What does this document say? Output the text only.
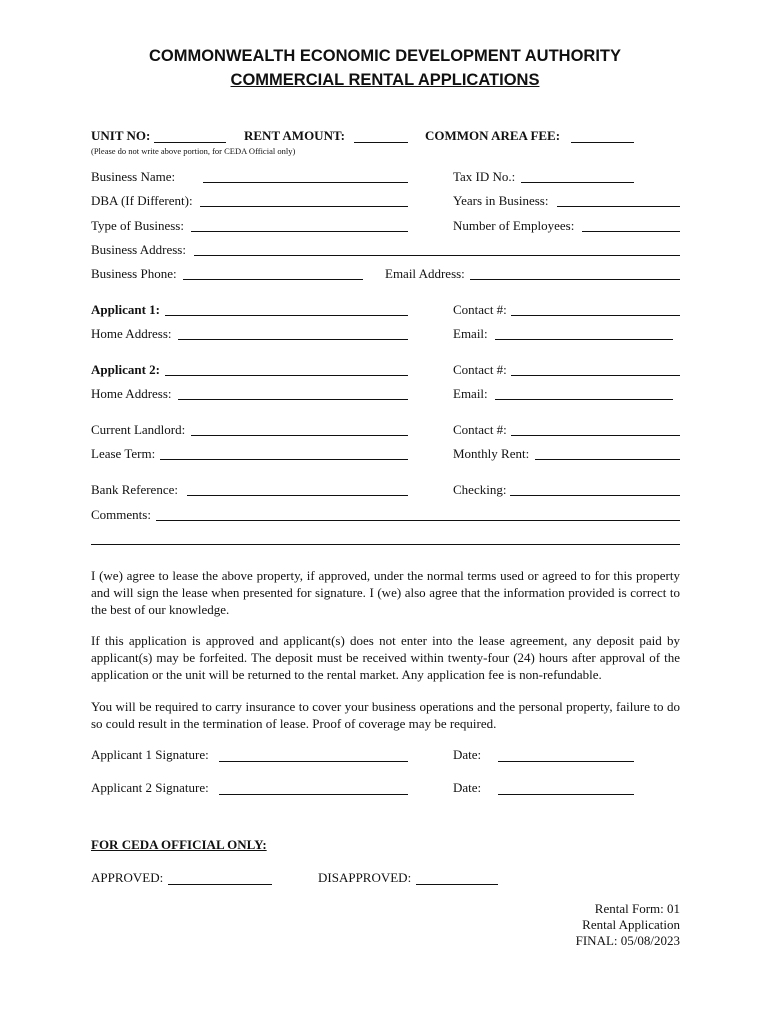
COMMONWEALTH ECONOMIC DEVELOPMENT AUTHORITY
COMMERCIAL RENTAL APPLICATIONS
UNIT NO:	RENT AMOUNT:	COMMON AREA FEE:
(Please do not write above portion, for CEDA Official only)
Business Name:	Tax ID No.:
DBA (If Different):	Years in Business:
Type of Business:	Number of Employees:
Business Address:
Business Phone:	Email Address:
Applicant 1:	Contact #:
Home Address:	Email:
Applicant 2:	Contact #:
Home Address:	Email:
Current Landlord:	Contact #:
Lease Term:	Monthly Rent:
Bank Reference:	Checking:
Comments:
I (we) agree to lease the above property, if approved, under the normal terms used or agreed to for this property and will sign the lease when presented for signature. I (we) also agree that the information provided is correct to the best of our knowledge.
If this application is approved and applicant(s) does not enter into the lease agreement, any deposit paid by applicant(s) may be forfeited. The deposit must be received within twenty-four (24) hours after approval of the application or the unit will be returned to the rental market. Any application fee is non-refundable.
You will be required to carry insurance to cover your business operations and the personal property, failure to do so could result in the termination of lease. Proof of coverage may be required.
Applicant 1 Signature:	Date:
Applicant 2 Signature:	Date:
FOR CEDA OFFICIAL ONLY:
APPROVED:	DISAPPROVED:
Rental Form: 01
Rental Application
FINAL: 05/08/2023
